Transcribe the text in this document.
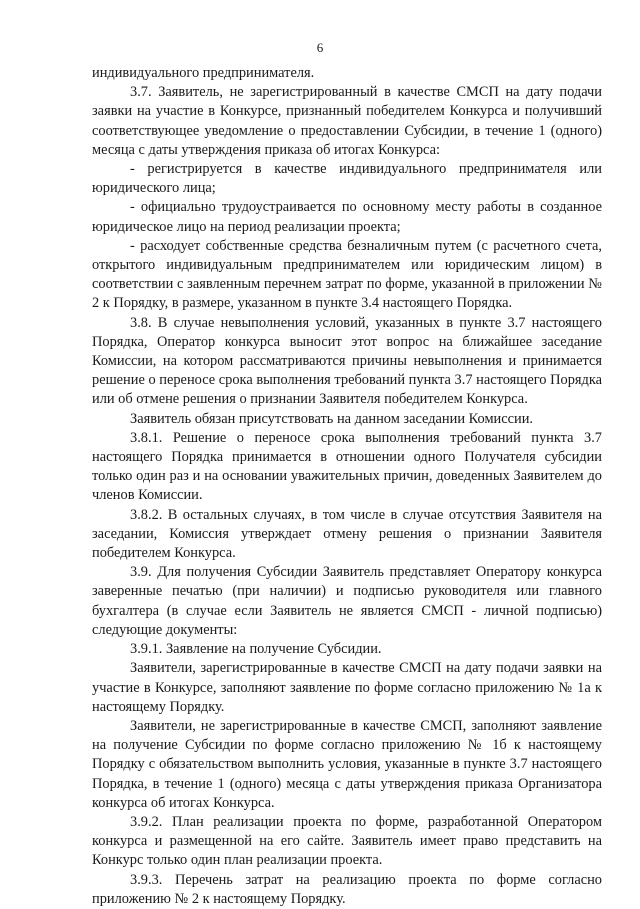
6

индивидуального предпринимателя.

3.7. Заявитель, не зарегистрированный в качестве СМСП на дату подачи заявки на участие в Конкурсе, признанный победителем Конкурса и получивший соответствующее уведомление о предоставлении Субсидии, в течение 1 (одного) месяца с даты утверждения приказа об итогах Конкурса:

- регистрируется в качестве индивидуального предпринимателя или юридического лица;

- официально трудоустраивается по основному месту работы в созданное юридическое лицо на период реализации проекта;

- расходует собственные средства безналичным путем (с расчетного счета, открытого индивидуальным предпринимателем или юридическим лицом) в соответствии с заявленным перечнем затрат по форме, указанной в приложении № 2 к Порядку, в размере, указанном в пункте 3.4 настоящего Порядка.

3.8. В случае невыполнения условий, указанных в пункте 3.7 настоящего Порядка, Оператор конкурса выносит этот вопрос на ближайшее заседание Комиссии, на котором рассматриваются причины невыполнения и принимается решение о переносе срока выполнения требований пункта 3.7 настоящего Порядка или об отмене решения о признании Заявителя победителем Конкурса.

Заявитель обязан присутствовать на данном заседании Комиссии.

3.8.1. Решение о переносе срока выполнения требований пункта 3.7 настоящего Порядка принимается в отношении одного Получателя субсидии только один раз и на основании уважительных причин, доведенных Заявителем до членов Комиссии.

3.8.2. В остальных случаях, в том числе в случае отсутствия Заявителя на заседании, Комиссия утверждает отмену решения о признании Заявителя победителем Конкурса.

3.9. Для получения Субсидии Заявитель представляет Оператору конкурса заверенные печатью (при наличии) и подписью руководителя или главного бухгалтера (в случае если Заявитель не является СМСП - личной подписью) следующие документы:

3.9.1. Заявление на получение Субсидии.

Заявители, зарегистрированные в качестве СМСП на дату подачи заявки на участие в Конкурсе, заполняют заявление по форме согласно приложению № 1а к настоящему Порядку.

Заявители, не зарегистрированные в качестве СМСП, заполняют заявление на получение Субсидии по форме согласно приложению № 1б к настоящему Порядку с обязательством выполнить условия, указанные в пункте 3.7 настоящего Порядка, в течение 1 (одного) месяца с даты утверждения приказа Организатора конкурса об итогах Конкурса.

3.9.2. План реализации проекта по форме, разработанной Оператором конкурса и размещенной на его сайте. Заявитель имеет право представить на Конкурс только один план реализации проекта.

3.9.3. Перечень затрат на реализацию проекта по форме согласно приложению № 2 к настоящему Порядку.
